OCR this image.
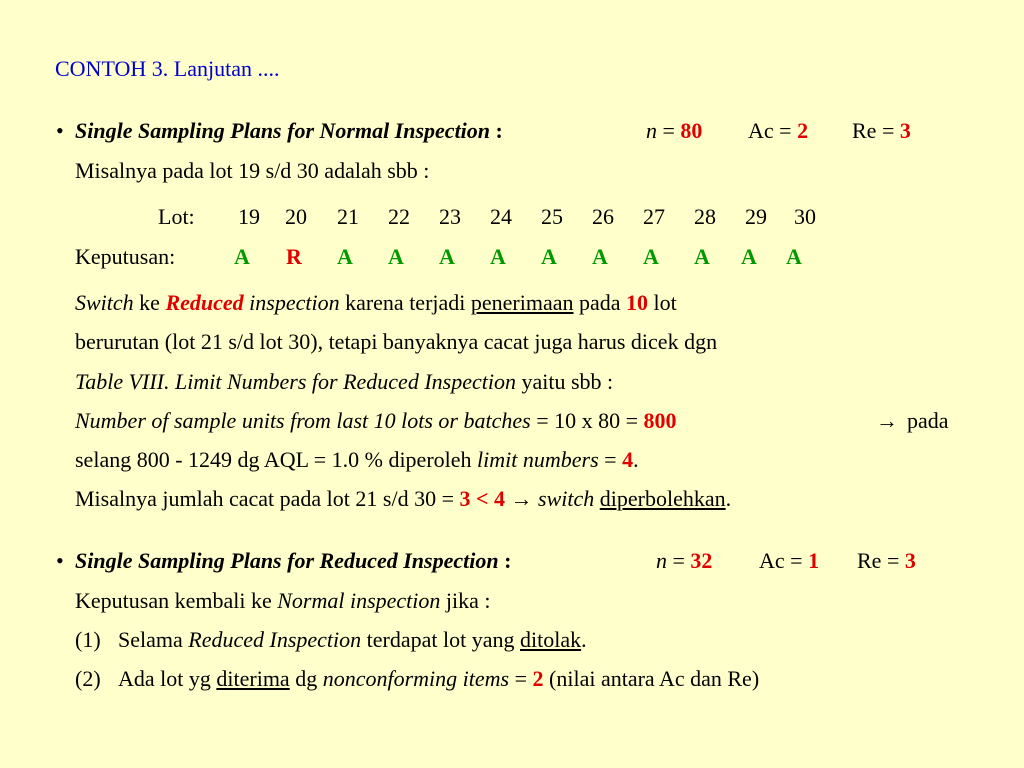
CONTOH 3. Lanjutan ....
• Single Sampling Plans for Normal Inspection :	n = 80 Ac = 2 Re = 3
Misalnya pada lot 19 s/d 30 adalah sbb :
Lot: 19 20 21 22 23 24 25 26 27 28 29 30
Keputusan:	A R A A A A A A A A A A
Switch ke Reduced inspection karena terjadi penerimaan pada 10 lot
berurutan (lot 21 s/d lot 30), tetapi banyaknya cacat juga harus dicek dgn
Table VIII. Limit Numbers for Reduced Inspection yaitu sbb :
Number of sample units from last 10 lots or batches = 10 x 80 = 800	→ pada
selang 800 - 1249 dg AQL = 1.0 % diperoleh limit numbers = 4.
Misalnya jumlah cacat pada lot 21 s/d 30 = 3 < 4 → switch diperbolehkan.
• Single Sampling Plans for Reduced Inspection :	n = 32 Ac = 1 Re = 3
Keputusan kembali ke Normal inspection jika :
(1) Selama Reduced Inspection terdapat lot yang ditolak.
(2) Ada lot yg diterima dg nonconforming items = 2 (nilai antara Ac dan Re)
